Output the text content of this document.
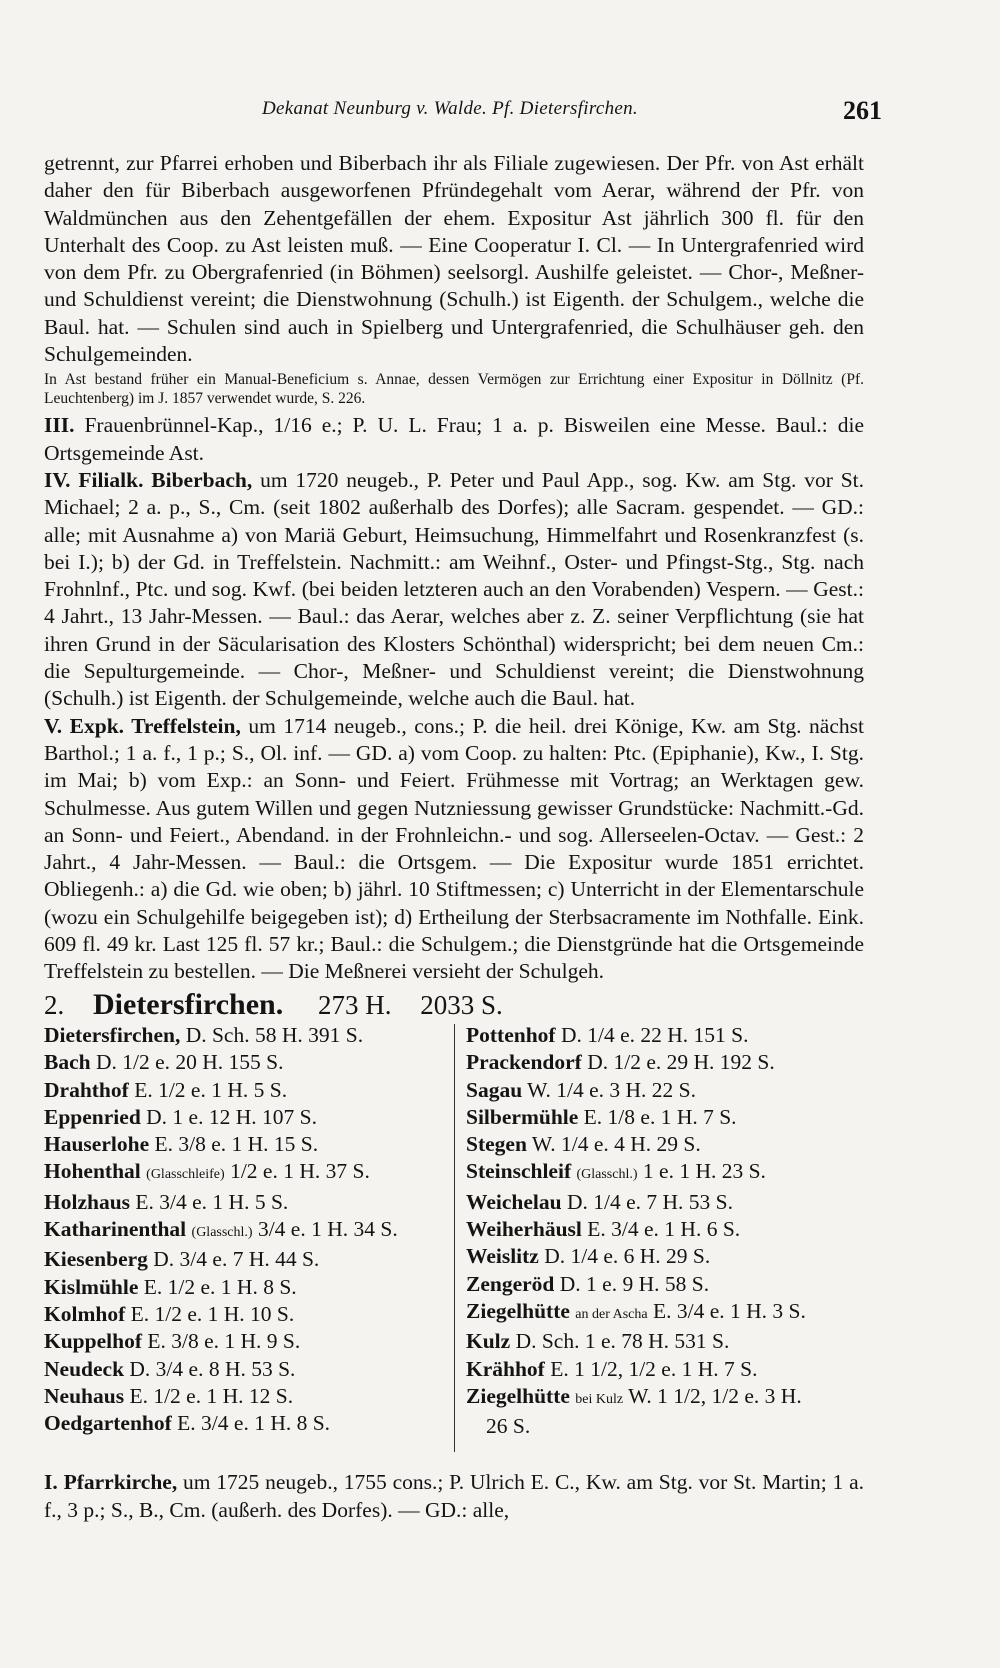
Dekanat Neunburg v. Walde. Pf. Dietersfirchen.	261

getrennt, zur Pfarrei erhoben und Biberbach ihr als Filiale zugewiesen. Der Pfr. von Ast erhält daher den für Biberbach ausgeworfenen Pfründegehalt vom Aerar, während der Pfr. von Waldmünchen aus den Zehentgefällen der ehem. Expositur Ast jährlich 300 fl. für den Unterhalt des Coop. zu Ast leisten muß. — Eine Cooperatur I. Cl. — In Untergrafenried wird von dem Pfr. zu Obergrafenried (in Böhmen) seelsorgl. Aushilfe geleistet. — Chor-, Meßner- und Schuldienst vereint; die Dienstwohnung (Schulh.) ist Eigenth. der Schulgem., welche die Baul. hat. — Schulen sind auch in Spielberg und Untergrafenried, die Schulhäuser geh. den Schulgemeinden.

In Ast bestand früher ein Manual-Beneficium s. Annae, dessen Vermögen zur Errichtung einer Expositur in Döllnitz (Pf. Leuchtenberg) im J. 1857 verwendet wurde, S. 226.

III. Frauenbrünnel-Kap., 1/16 e.; P. U. L. Frau; 1 a. p. Bisweilen eine Messe. Baul.: die Ortsgemeinde Ast.

IV. Filialk. Biberbach, um 1720 neugeb., P. Peter und Paul App., sog. Kw. am Stg. vor St. Michael; 2 a. p., S., Cm. (seit 1802 außerhalb des Dorfes); alle Sacram. gespendet. — GD.: alle; mit Ausnahme a) von Mariä Geburt, Heimsuchung, Himmelfahrt und Rosenkranzfest (s. bei I.); b) der Gd. in Treffelstein. Nachmitt.: am Weihnf., Oster- und Pfingst-Stg., Stg. nach Frohnlnf., Ptc. und sog. Kwf. (bei beiden letzteren auch an den Vorabenden) Vespern. — Gest.: 4 Jahrt., 13 Jahr-Messen. — Baul.: das Aerar, welches aber z. Z. seiner Verpflichtung (sie hat ihren Grund in der Säcularisation des Klosters Schönthal) widerspricht; bei dem neuen Cm.: die Sepulturgemeinde. — Chor-, Meßner- und Schuldienst vereint; die Dienstwohnung (Schulh.) ist Eigenth. der Schulgemeinde, welche auch die Baul. hat.

V. Expk. Treffelstein, um 1714 neugeb., cons.; P. die heil. drei Könige, Kw. am Stg. nächst Barthol.; 1 a. f., 1 p.; S., Ol. inf. — GD. a) vom Coop. zu halten: Ptc. (Epiphanie), Kw., I. Stg. im Mai; b) vom Exp.: an Sonn- und Feiert. Frühmesse mit Vortrag; an Werktagen gew. Schulmesse. Aus gutem Willen und gegen Nutzniessung gewisser Grundstücke: Nachmitt.-Gd. an Sonn- und Feiert., Abendand. in der Frohnleichn.- und sog. Allerseelen-Octav. — Gest.: 2 Jahrt., 4 Jahr-Messen. — Baul.: die Ortsgem. — Die Expositur wurde 1851 errichtet. Obliegenh.: a) die Gd. wie oben; b) jährl. 10 Stiftmessen; c) Unterricht in der Elementarschule (wozu ein Schulgehilfe beigegeben ist); d) Ertheilung der Sterbsacramente im Nothfalle. Eink. 609 fl. 49 kr. Last 125 fl. 57 kr.; Baul.: die Schulgem.; die Dienstgründe hat die Ortsgemeinde Treffelstein zu bestellen. — Die Meßnerei versieht der Schulgeh.

2. Dietersfirchen. 273 H. 2033 S.
Dietersfirchen, D. Sch. 58 H. 391 S.
Bach D. 1/2 e. 20 H. 155 S.
Drahthof E. 1/2 e. 1 H. 5 S.
Eppenried D. 1 e. 12 H. 107 S.
Hauserlohe E. 3/8 e. 1 H. 15 S.
Hohenthal (Glasschleife) 1/2 e. 1 H. 37 S.
Holzhaus E. 3/4 e. 1 H. 5 S.
Katharinenthal (Glasschl.) 3/4 e. 1 H. 34 S.
Kiesenberg D. 3/4 e. 7 H. 44 S.
Kislmühle E. 1/2 e. 1 H. 8 S.
Kolmhof E. 1/2 e. 1 H. 10 S.
Kuppelhof E. 3/8 e. 1 H. 9 S.
Neudeck D. 3/4 e. 8 H. 53 S.
Neuhaus E. 1/2 e. 1 H. 12 S.
Oedgartenhof E. 3/4 e. 1 H. 8 S.
Pottenhof D. 1/4 e. 22 H. 151 S.
Prackendorf D. 1/2 e. 29 H. 192 S.
Sagau W. 1/4 e. 3 H. 22 S.
Silbermühle E. 1/8 e. 1 H. 7 S.
Stegen W. 1/4 e. 4 H. 29 S.
Steinschleif (Glasschl.) 1 e. 1 H. 23 S.
Weichelau D. 1/4 e. 7 H. 53 S.
Weiherhäusl E. 3/4 e. 1 H. 6 S.
Weislitz D. 1/4 e. 6 H. 29 S.
Zengeröd D. 1 e. 9 H. 58 S.
Ziegelhütte an der Ascha E. 3/4 e. 1 H. 3 S.
Kulz D. Sch. 1 e. 78 H. 531 S.
Krähhof E. 1 1/2, 1/2 e. 1 H. 7 S.
Ziegelhütte bei Kulz W. 1 1/2, 1/2 e. 3 H.
26 S.
I. Pfarrkirche, um 1725 neugeb., 1755 cons.; P. Ulrich E. C., Kw. am Stg. vor St. Martin; 1 a. f., 3 p.; S., B., Cm. (außerh. des Dorfes). — GD.: alle,
